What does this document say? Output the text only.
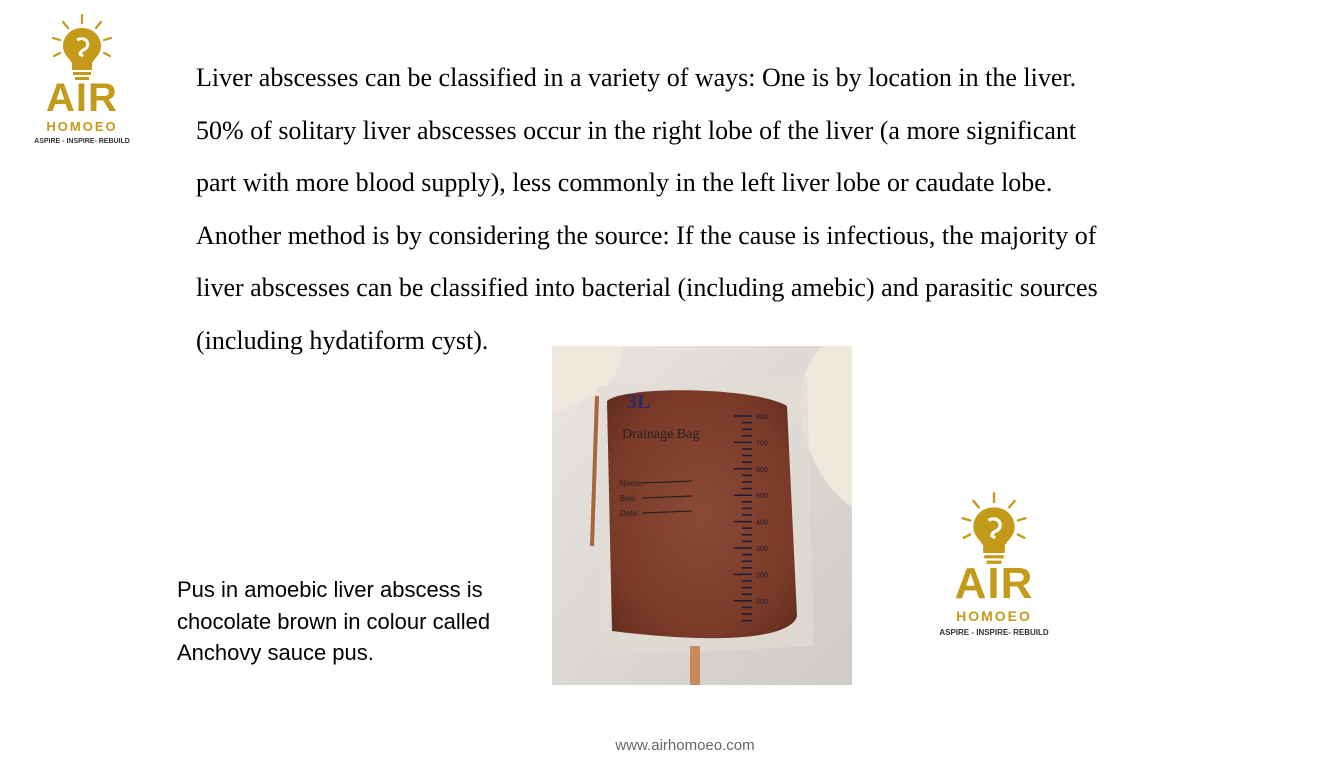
AIR
HOMOEO
ASPIRE - INSPIRE- REBUILD
Liver abscesses can be classified in a variety of ways: One is by location in the liver.
50% of solitary liver abscesses occur in the right lobe of the liver (a more significant
part with more blood supply), less commonly in the left liver lobe or caudate lobe.
Another method is by considering the source: If the cause is infectious, the majority of
liver abscesses can be classified into bacterial (including amebic) and parasitic sources
(including hydatiform cyst).
Pus in amoebic liver abscess is
chocolate brown in colour called
Anchovy sauce pus.
3L
Drainage Bag
Name:
Bed:
Date:
800
700
600
500
400
300
200
100	AIR
HOMOEO
ASPIRE - INSPIRE- REBUILD
www.airhomoeo.com
